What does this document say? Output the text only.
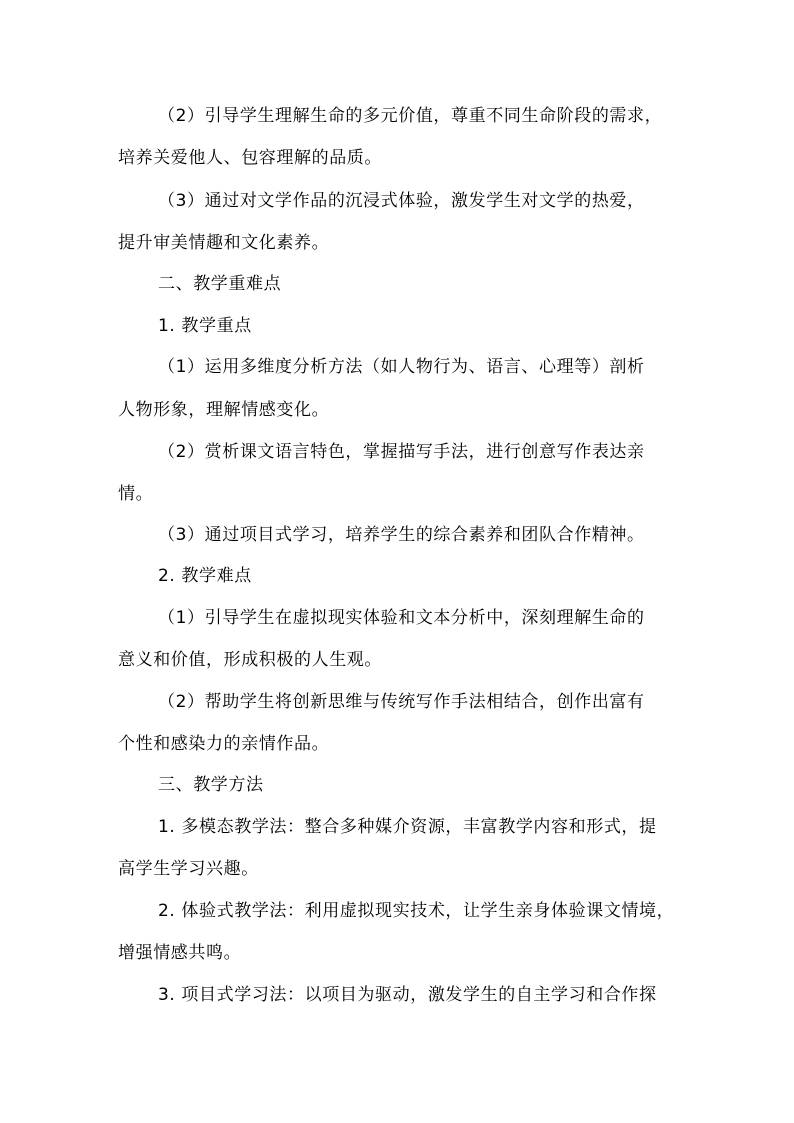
（2）引导学生理解生命的多元价值，尊重不同生命阶段的需求，
培养关爱他人、包容理解的品质。
（3）通过对文学作品的沉浸式体验，激发学生对文学的热爱，
提升审美情趣和文化素养。
二、教学重难点
1. 教学重点
（1）运用多维度分析方法（如人物行为、语言、心理等）剖析
人物形象，理解情感变化。
（2）赏析课文语言特色，掌握描写手法，进行创意写作表达亲
情。
（3）通过项目式学习，培养学生的综合素养和团队合作精神。
2. 教学难点
（1）引导学生在虚拟现实体验和文本分析中，深刻理解生命的
意义和价值，形成积极的人生观。
（2）帮助学生将创新思维与传统写作手法相结合，创作出富有
个性和感染力的亲情作品。
三、教学方法
1. 多模态教学法：整合多种媒介资源，丰富教学内容和形式，提
高学生学习兴趣。
2. 体验式教学法：利用虚拟现实技术，让学生亲身体验课文情境，
增强情感共鸣。
3. 项目式学习法：以项目为驱动，激发学生的自主学习和合作探
